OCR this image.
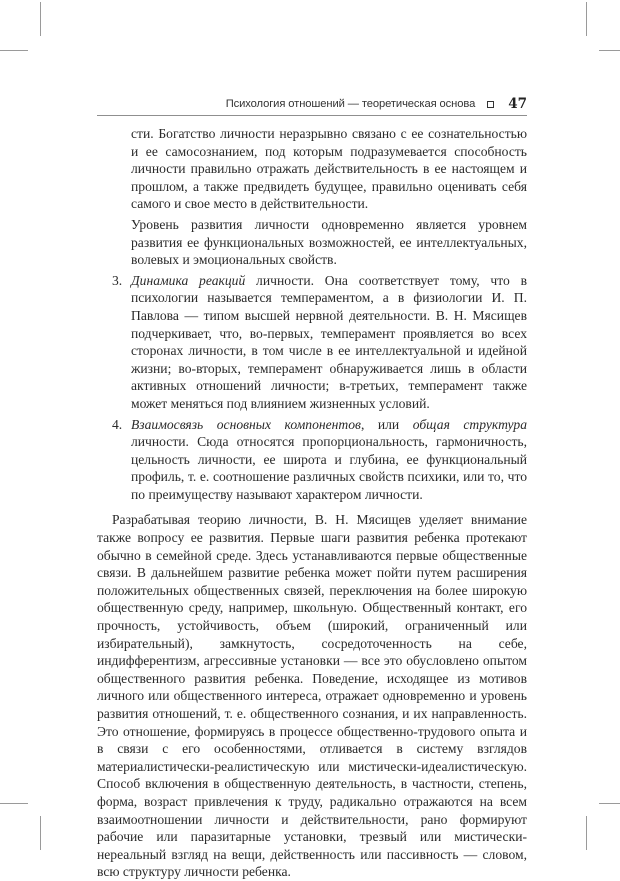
Психология отношений — теоретическая основа 47

сти. Богатство личности неразрывно связано с ее сознательностью и ее самосознанием, под которым подразумевается способность личности правильно отражать действительность в ее настоящем и прошлом, а также предвидеть будущее, правильно оценивать себя самого и свое место в действительности.

Уровень развития личности одновременно является уровнем развития ее функциональных возможностей, ее интеллектуальных, волевых и эмоциональных свойств.

3. Динамика реакций личности. Она соответствует тому, что в психологии называется темпераментом, а в физиологии И. П. Павлова — типом высшей нервной деятельности. В. Н. Мясищев подчеркивает, что, во-первых, темперамент проявляется во всех сторонах личности, в том числе в ее интеллектуальной и идейной жизни; во-вторых, темперамент обнаруживается лишь в области активных отношений личности; в-третьих, темперамент также может меняться под влиянием жизненных условий.

4. Взаимосвязь основных компонентов, или общая структура личности. Сюда относятся пропорциональность, гармоничность, цельность личности, ее широта и глубина, ее функциональный профиль, т. е. соотношение различных свойств психики, или то, что по преимуществу называют характером личности.

Разрабатывая теорию личности, В. Н. Мясищев уделяет внимание также вопросу ее развития. Первые шаги развития ребенка протекают обычно в семейной среде. Здесь устанавливаются первые общественные связи. В дальнейшем развитие ребенка может пойти путем расширения положительных общественных связей, переключения на более широкую общественную среду, например, школьную. Общественный контакт, его прочность, устойчивость, объем (широкий, ограниченный или избирательный), замкнутость, сосредоточенность на себе, индифферентизм, агрессивные установки — все это обусловлено опытом общественного развития ребенка. Поведение, исходящее из мотивов личного или общественного интереса, отражает одновременно и уровень развития отношений, т. е. общественного сознания, и их направленность. Это отношение, формируясь в процессе общественно-трудового опыта и в связи с его особенностями, отливается в систему взглядов материалистически-реалистическую или мистически-идеалистическую. Способ включения в общественную деятельность, в частности, степень, форма, возраст привлечения к труду, радикально отражаются на всем взаимоотношении личности и действительности, рано формируют рабочие или паразитарные установки, трезвый или мистически-нереальный взгляд на вещи, действенность или пассивность — словом, всю структуру личности ребенка.
